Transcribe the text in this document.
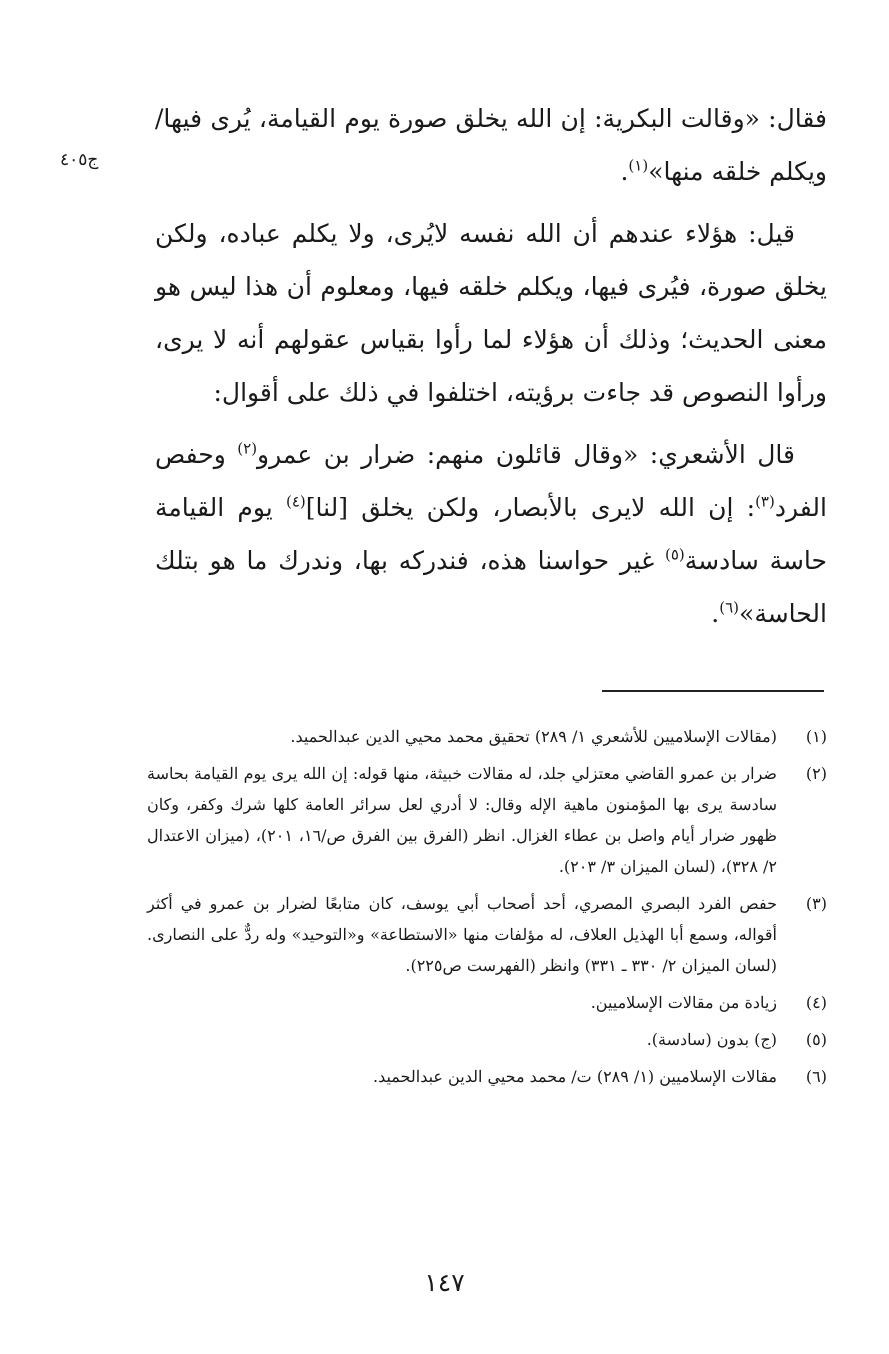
ج٤٠٥

فقال: «وقالت البكرية: إن الله يخلق صورة يوم القيامة، يُرى فيها/ ويكلم خلقه منها»$^{(١)}$.

قيل: هؤلاء عندهم أن الله نفسه لايُرى، ولا يكلم عباده، ولكن يخلق صورة، فيُرى فيها، ويكلم خلقه فيها، ومعلوم أن هذا ليس هو معنى الحديث؛ وذلك أن هؤلاء لما رأوا بقياس عقولهم أنه لا يرى، ورأوا النصوص قد جاءت برؤيته، اختلفوا في ذلك على أقوال:

قال الأشعري: «وقال قائلون منهم: ضرار بن عمرو$^{(٢)}$ وحفص الفرد$^{(٣)}$: إن الله لايرى بالأبصار، ولكن يخلق [لنا]$^{(٤)}$ يوم القيامة حاسة سادسة$^{(٥)}$ غير حواسنا هذه، فندركه بها، وندرك ما هو بتلك الحاسة»$^{(٦)}$.

(١)
(مقالات الإسلاميين للأشعري ١/ ٢٨٩) تحقيق محمد محيي الدين عبدالحميد.
(٢)
ضرار بن عمرو القاضي معتزلي جلد، له مقالات خبيثة، منها قوله: إن الله يرى يوم القيامة بحاسة سادسة يرى بها المؤمنون ماهية الإله وقال: لا أدري لعل سرائر العامة كلها شرك وكفر، وكان ظهور ضرار أيام واصل بن عطاء الغزال. انظر (الفرق بين الفرق ص/١٦، ٢٠١)، (ميزان الاعتدال ٢/ ٣٢٨)، (لسان الميزان ٣/ ٢٠٣).
(٣)
حفص الفرد البصري المصري، أحد أصحاب أبي يوسف، كان متابعًا لضرار بن عمرو في أكثر أقواله، وسمع أبا الهذيل العلاف، له مؤلفات منها «الاستطاعة» و«التوحيد» وله ردٌّ على النصارى. (لسان الميزان ٢/ ٣٣٠ ـ ٣٣١) وانظر (الفهرست ص٢٢٥).
(٤)
زيادة من مقالات الإسلاميين.
(٥)
(ج) بدون (سادسة).
(٦)
مقالات الإسلاميين (١/ ٢٨٩) ت/ محمد محيي الدين عبدالحميد.
١٤٧
